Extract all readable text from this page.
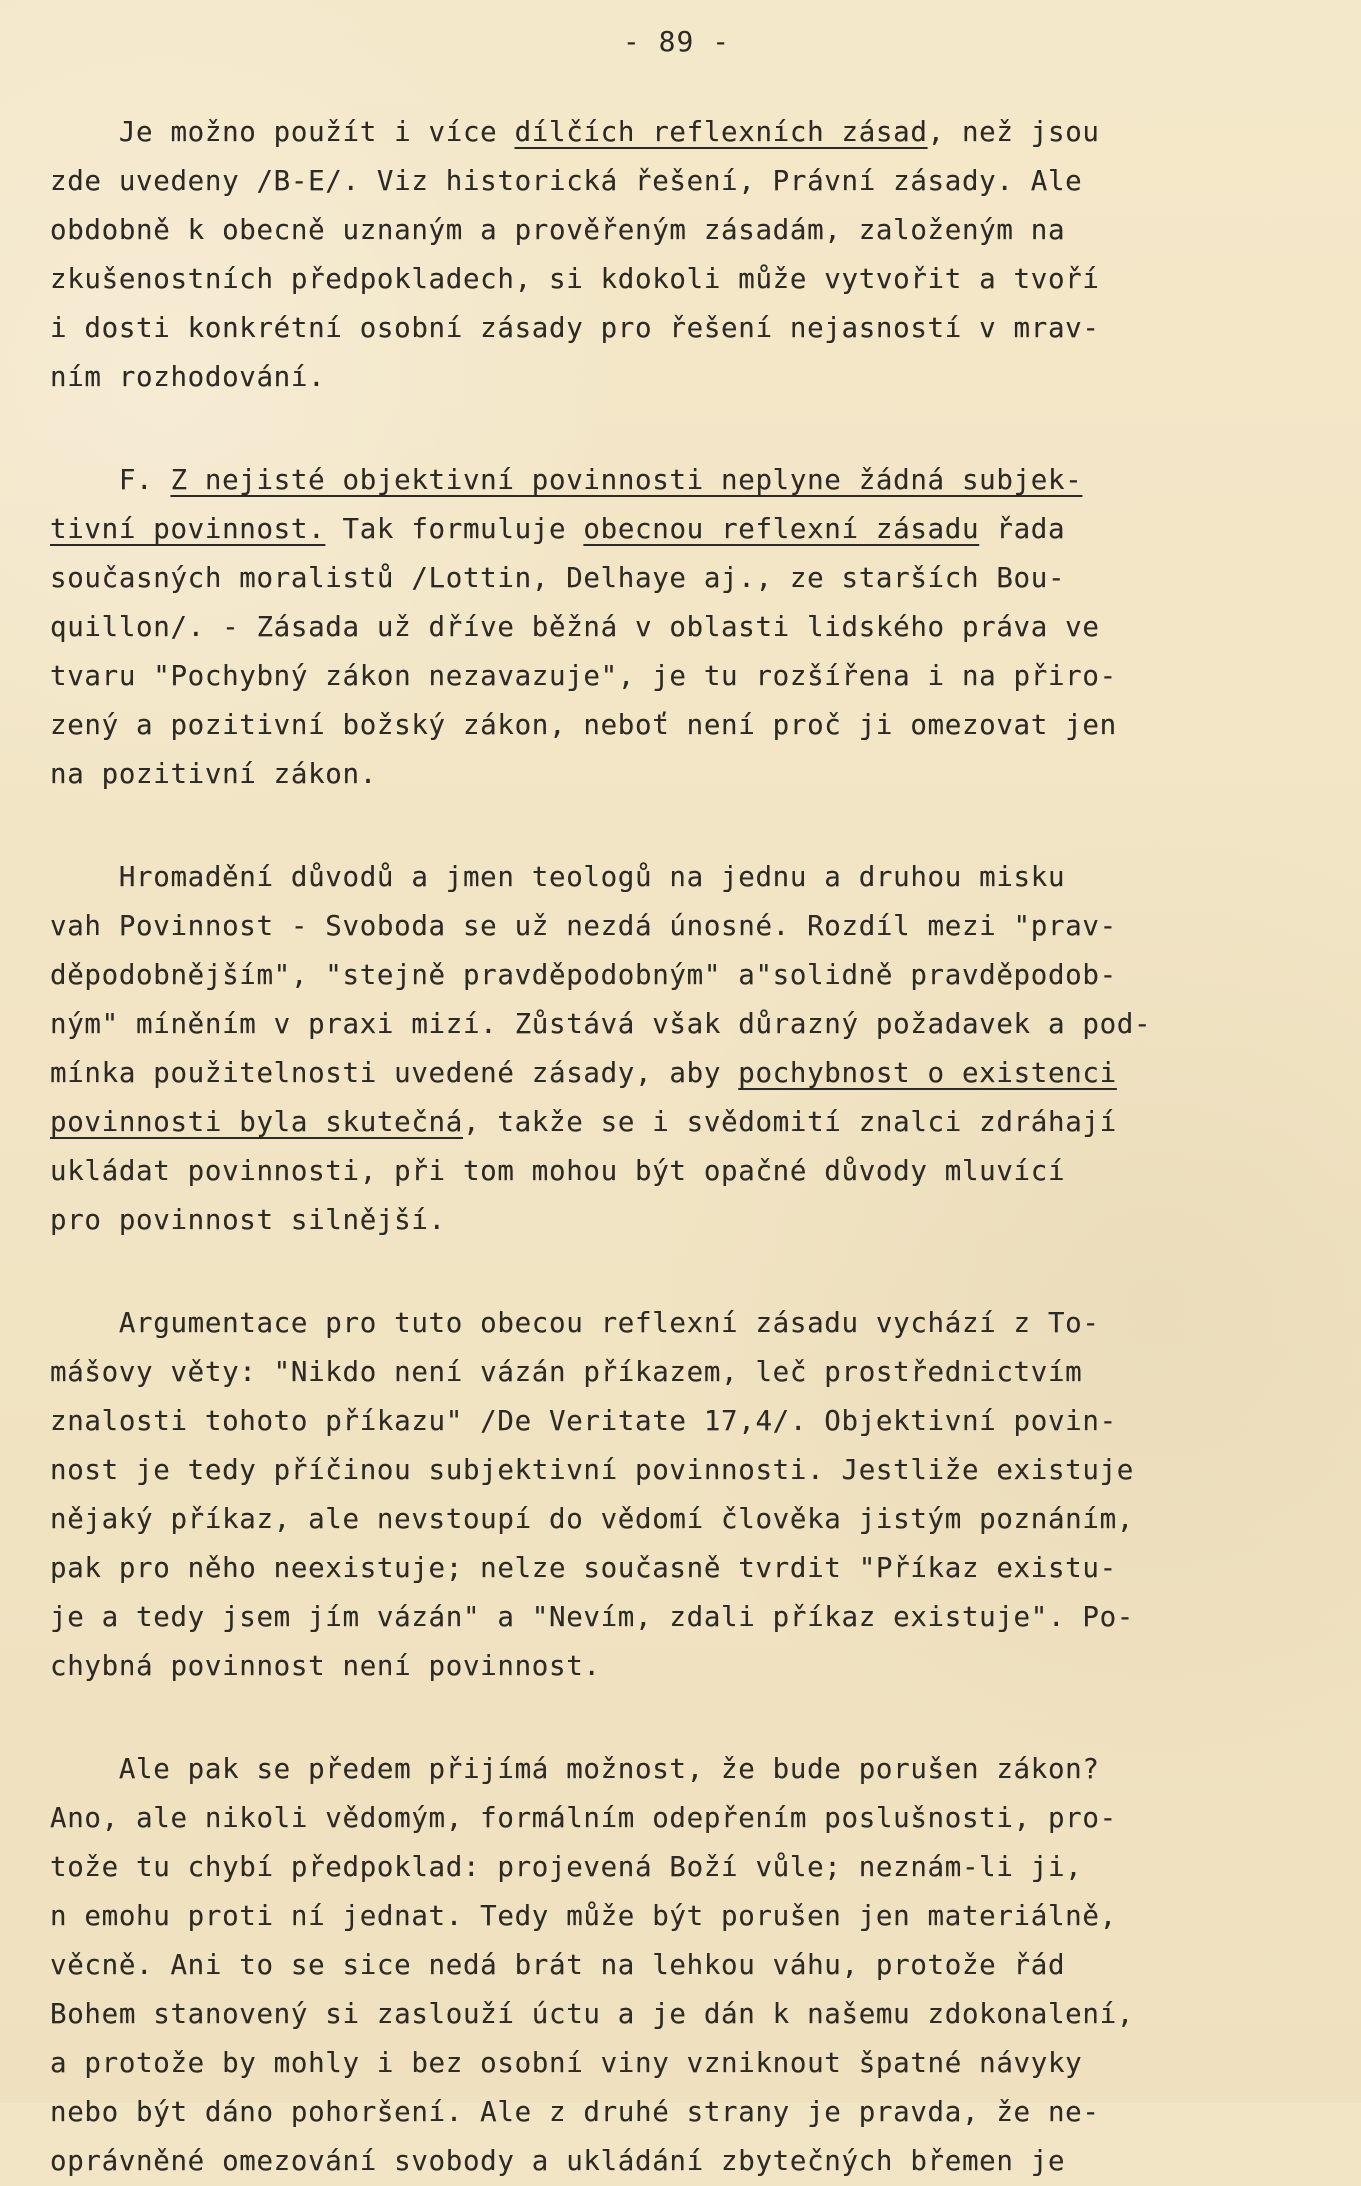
- 89 -
Je možno použít i více dílčích reflexních zásad, než jsou
zde uvedeny /B-E/. Viz historická řešení, Právní zásady. Ale
obdobně k obecně uznaným a prověřeným zásadám, založeným na
zkušenostních předpokladech, si kdokoli může vytvořit a tvoří
i dosti konkrétní osobní zásady pro řešení nejasností v mrav-
ním rozhodování.
F. Z nejisté objektivní povinnosti neplyne žádná subjek-
tivní povinnost. Tak formuluje obecnou reflexní zásadu řada
současných moralistů /Lottin, Delhaye aj., ze starších Bou-
quillon/. - Zásada už dříve běžná v oblasti lidského práva ve
tvaru "Pochybný zákon nezavazuje", je tu rozšířena i na přiro-
zený a pozitivní božský zákon, neboť není proč ji omezovat jen
na pozitivní zákon.
Hromadění důvodů a jmen teologů na jednu a druhou misku
vah Povinnost - Svoboda se už nezdá únosné. Rozdíl mezi "prav-
děpodobnějším", "stejně pravděpodobným" a"solidně pravděpodob-
ným" míněním v praxi mizí. Zůstává však důrazný požadavek a pod-
mínka použitelnosti uvedené zásady, aby pochybnost o existenci
povinnosti byla skutečná, takže se i svědomití znalci zdráhají
ukládat povinnosti, při tom mohou být opačné důvody mluvící
pro povinnost silnější.
Argumentace pro tuto obecou reflexní zásadu vychází z To-
mášovy věty: "Nikdo není vázán příkazem, leč prostřednictvím
znalosti tohoto příkazu" /De Veritate 17,4/. Objektivní povin-
nost je tedy příčinou subjektivní povinnosti. Jestliže existuje
nějaký příkaz, ale nevstoupí do vědomí člověka jistým poznáním,
pak pro něho neexistuje; nelze současně tvrdit "Příkaz existu-
je a tedy jsem jím vázán" a "Nevím, zdali příkaz existuje". Po-
chybná povinnost není povinnost.
Ale pak se předem přijímá možnost, že bude porušen zákon?
Ano, ale nikoli vědomým, formálním odepřením poslušnosti, pro-
tože tu chybí předpoklad: projevená Boží vůle; neznám-li ji,
n emohu proti ní jednat. Tedy může být porušen jen materiálně,
věcně. Ani to se sice nedá brát na lehkou váhu, protože řád
Bohem stanovený si zaslouží úctu a je dán k našemu zdokonalení,
a protože by mohly i bez osobní viny vzniknout špatné návyky
nebo být dáno pohoršení. Ale z druhé strany je pravda, že ne-
oprávněné omezování svobody a ukládání zbytečných břemen je
